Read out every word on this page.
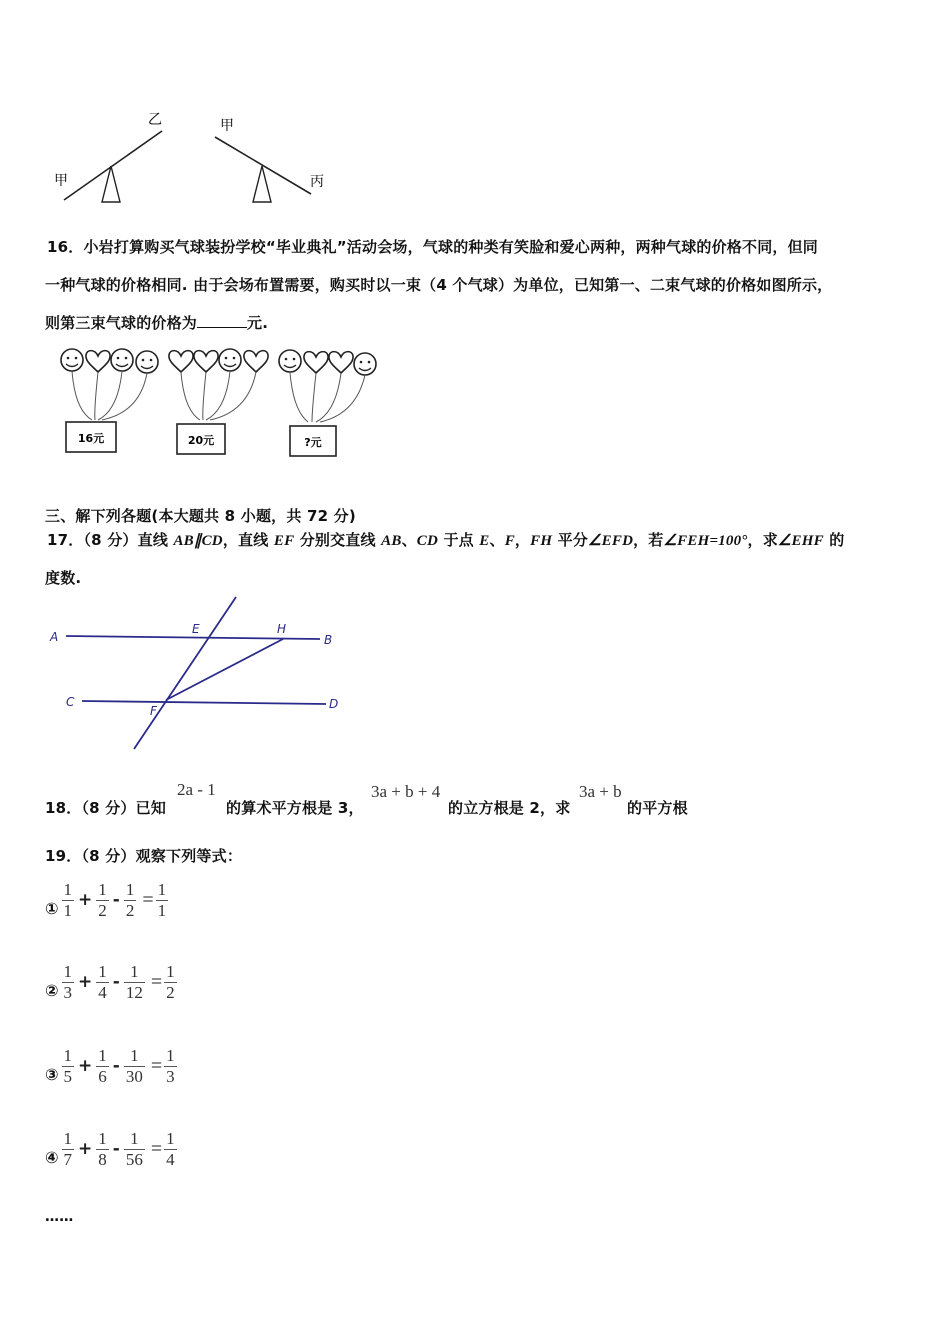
乙
甲
甲
丙
16．小岩打算购买气球装扮学校“毕业典礼”活动会场，气球的种类有笑脸和爱心两种，两种气球的价格不同，但同
一种气球的价格相同. 由于会场布置需要，购买时以一束（4 个气球）为单位，已知第一、二束气球的价格如图所示，
则第三束气球的价格为	元.
16元	20元	?元
三、解下列各题(本大题共 8 小题，共 72 分)
17．（8 分）直线 AB∥CD，直线 EF 分别交直线 AB、CD 于点 E、F，FH 平分∠EFD，若∠FEH=100°，求∠EHF 的
度数.
A	B
C	D
E
F
H
18．（8 分）已知
2a - 1
的算术平方根是 3，
3a + b + 4
的立方根是 2，求
3a + b
的平方根
19．（8 分）观察下列等式：
① $\frac{1}{1} + \frac{1}{2} - \frac{1}{2} = \frac{1}{1}$
② $\frac{1}{3} + \frac{1}{4} - \frac{1}{12} = \frac{1}{2}$
③ $\frac{1}{5} + \frac{1}{6} - \frac{1}{30} = \frac{1}{3}$
④ $\frac{1}{7} + \frac{1}{8} - \frac{1}{56} = \frac{1}{4}$
……
